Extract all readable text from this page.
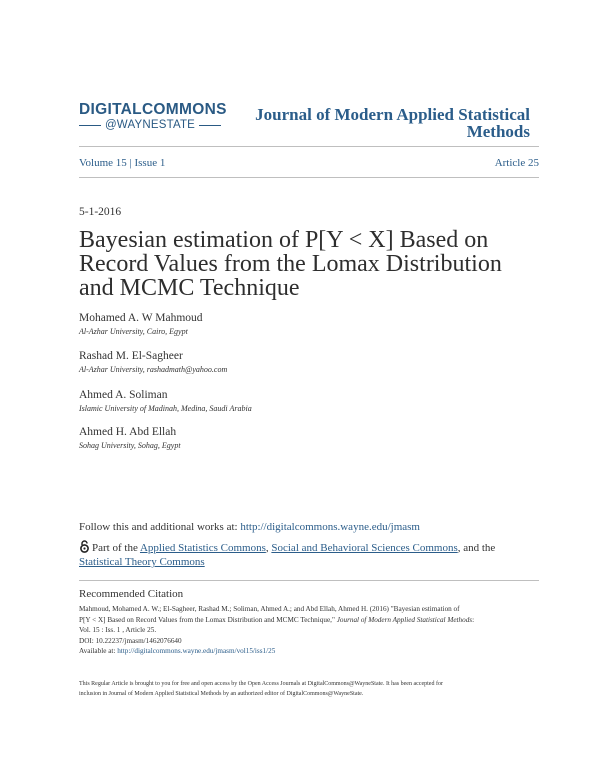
DIGITALCOMMONS
@WAYNESTATE
Journal of Modern Applied Statistical
Methods
Volume 15 | Issue 1	Article 25
5-1-2016
Bayesian estimation of P[Y < X] Based on Record Values from the Lomax Distribution and MCMC Technique
Mohamed A. W Mahmoud
Al-Azhar University, Cairo, Egypt
Rashad M. El-Sagheer
Al-Azhar University, rashadmath@yahoo.com
Ahmed A. Soliman
Islamic University of Madinah, Medina, Saudi Arabia
Ahmed H. Abd Ellah
Sohag University, Sohag, Egypt
Follow this and additional works at: http://digitalcommons.wayne.edu/jmasm
Part of the Applied Statistics Commons, Social and Behavioral Sciences Commons, and the
Statistical Theory Commons
Recommended Citation
Mahmoud, Mohamed A. W.; El-Sagheer, Rashad M.; Soliman, Ahmed A.; and Abd Ellah, Ahmed H. (2016) "Bayesian estimation of
P[Y < X] Based on Record Values from the Lomax Distribution and MCMC Technique," Journal of Modern Applied Statistical Methods:
Vol. 15 : Iss. 1 , Article 25.
DOI: 10.22237/jmasm/1462076640
Available at: http://digitalcommons.wayne.edu/jmasm/vol15/iss1/25
This Regular Article is brought to you for free and open access by the Open Access Journals at DigitalCommons@WayneState. It has been accepted for
inclusion in Journal of Modern Applied Statistical Methods by an authorized editor of DigitalCommons@WayneState.
